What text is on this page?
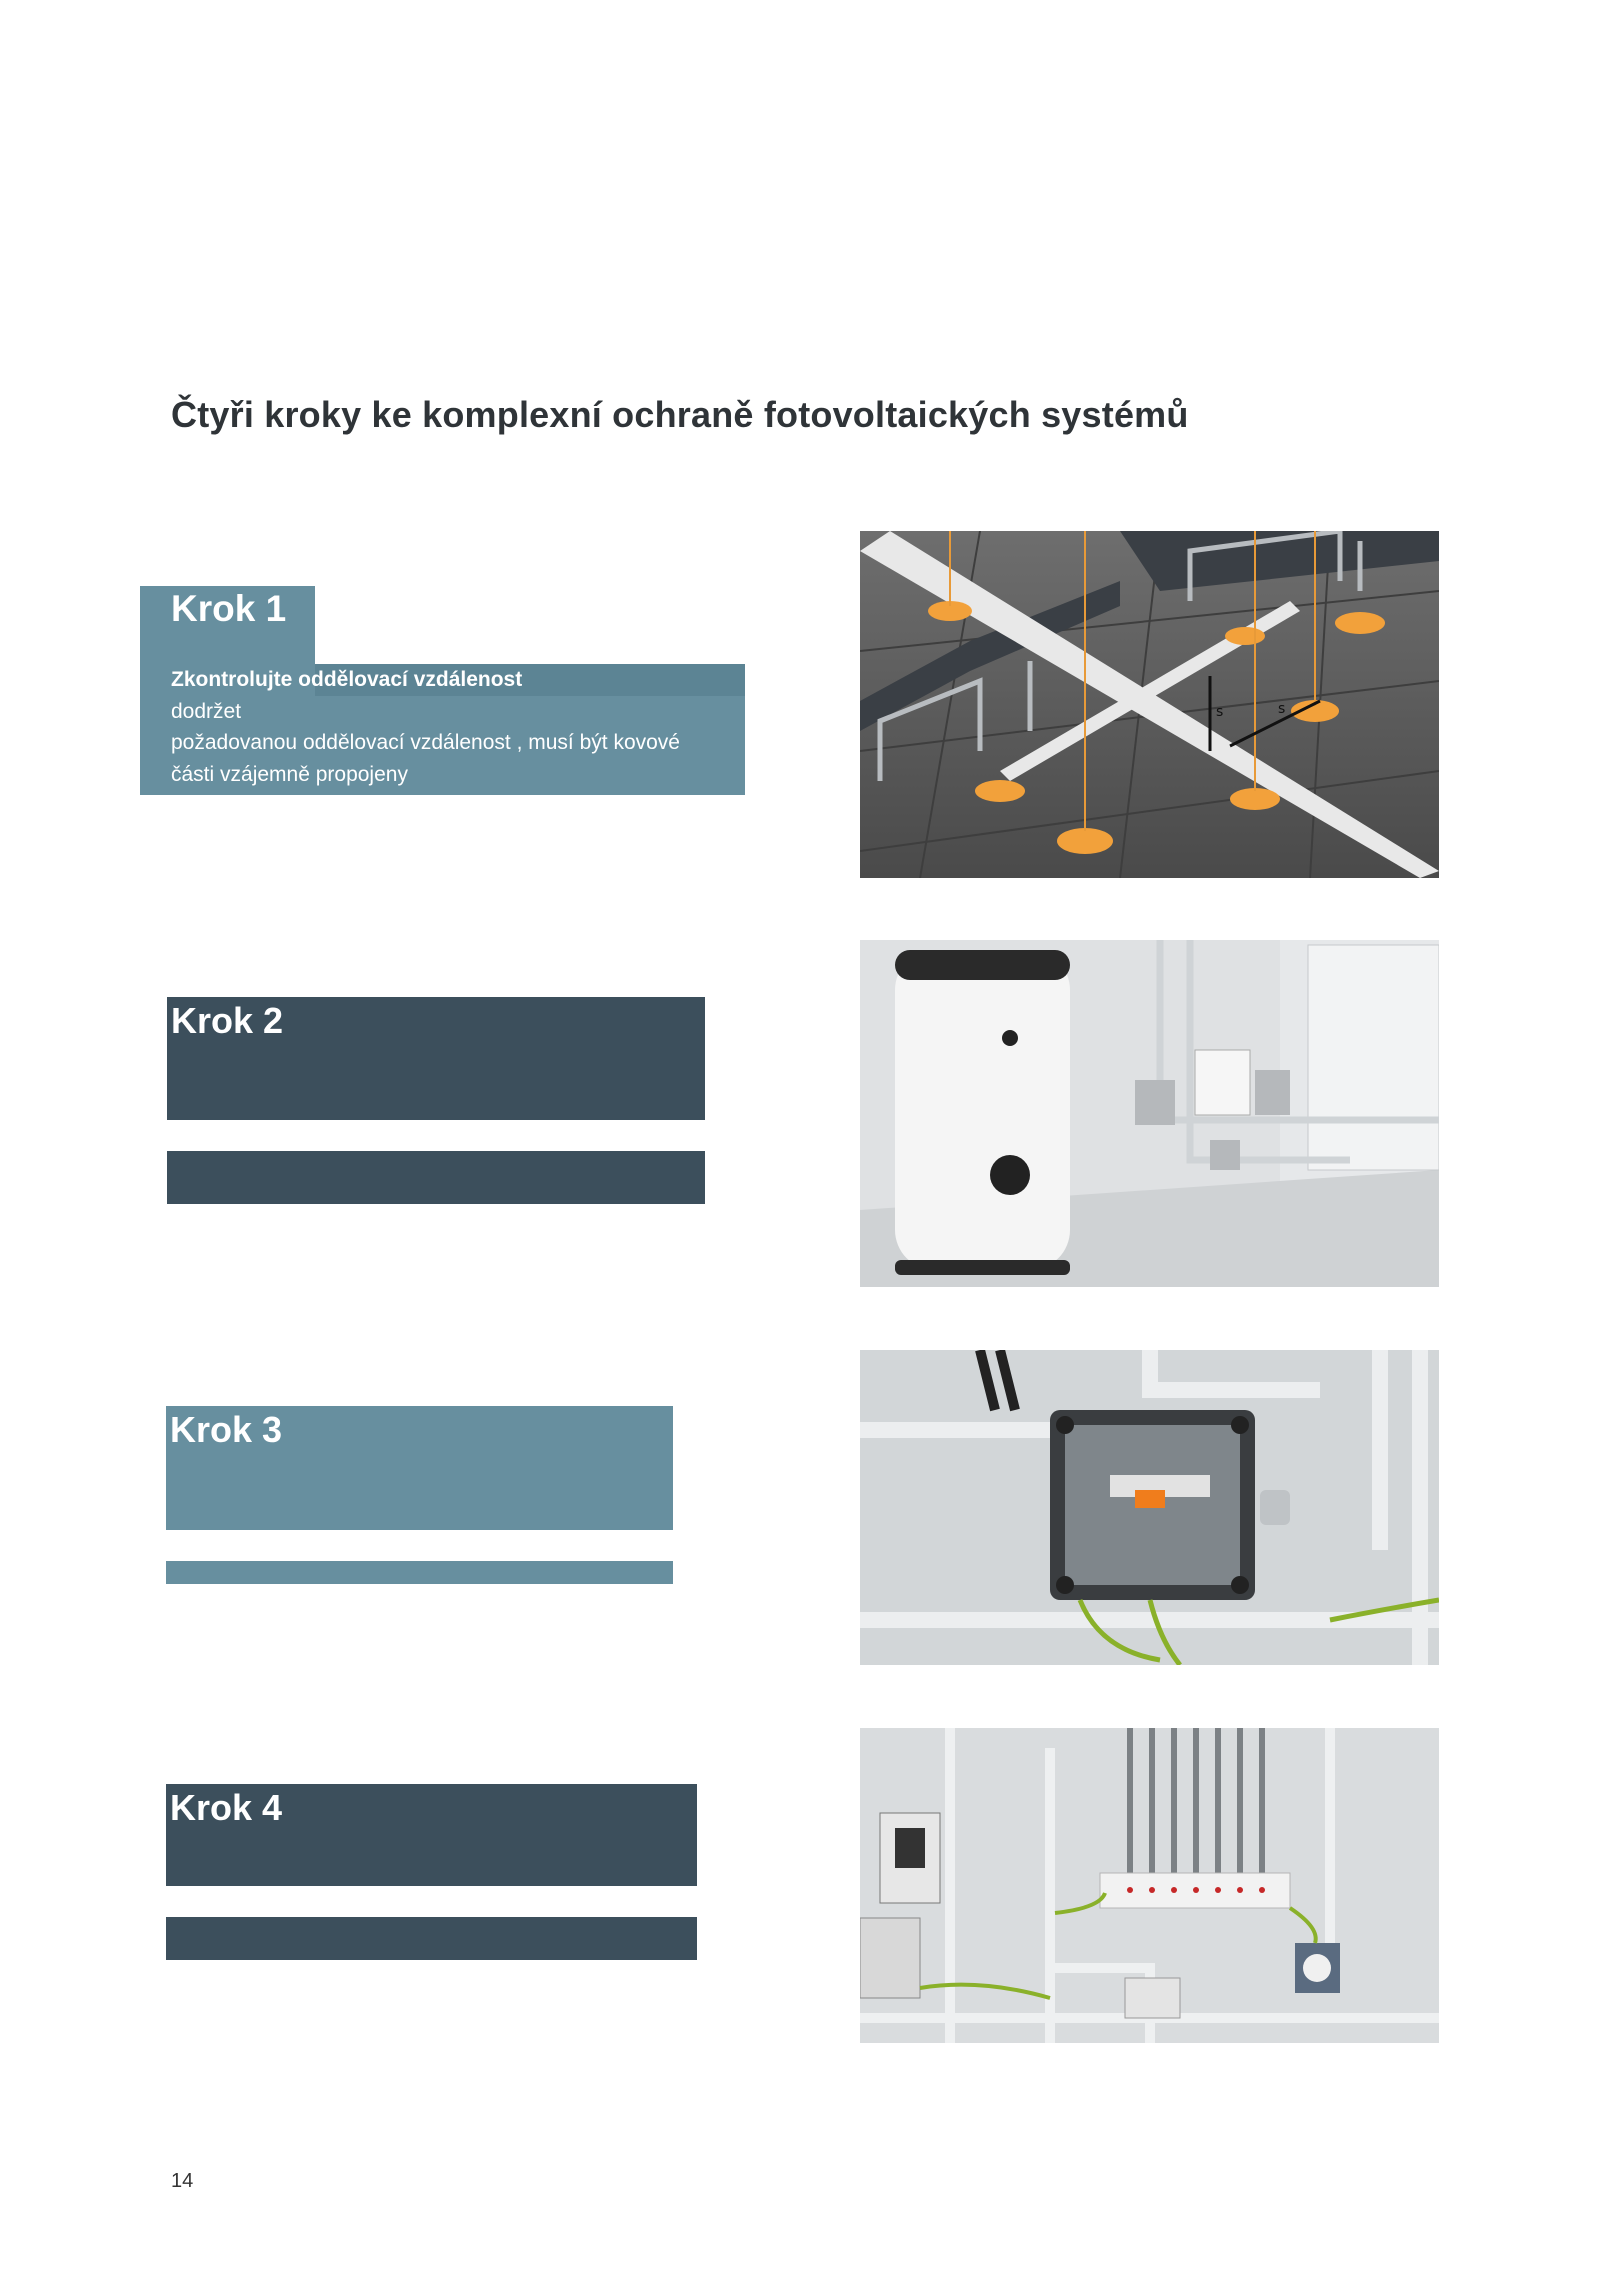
Čtyři kroky ke komplexní ochraně fotovoltaických systémů
Krok 1
Zkontrolujte oddělovací vzdálenost
dodržet
požadovanou oddělovací vzdálenost , musí být kovové
části vzájemně propojeny
Krok 2
Krok 3
Krok 4
s	s
14
